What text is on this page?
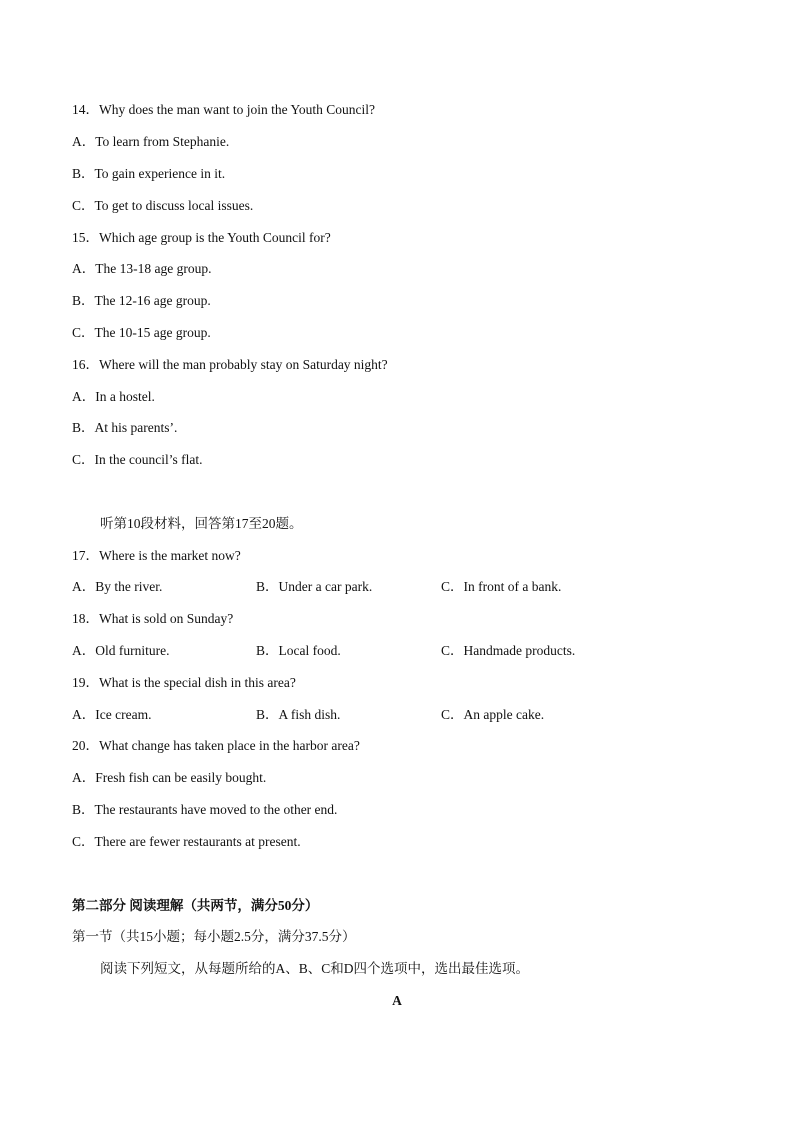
14．Why does the man want to join the Youth Council?
A．To learn from Stephanie.
B．To gain experience in it.
C．To get to discuss local issues.
15．Which age group is the Youth Council for?
A．The 13-18 age group.
B．The 12-16 age group.
C．The 10-15 age group.
16．Where will the man probably stay on Saturday night?
A．In a hostel.
B．At his parents’.
C．In the council’s flat.
听第10段材料，回答第17至20题。
17．Where is the market now?
A．By the river.	B．Under a car park.	C．In front of a bank.
18．What is sold on Sunday?
A．Old furniture.	B．Local food.	C．Handmade products.
19．What is the special dish in this area?
A．Ice cream.	B．A fish dish.	C．An apple cake.
20．What change has taken place in the harbor area?
A．Fresh fish can be easily bought.
B．The restaurants have moved to the other end.
C．There are fewer restaurants at present.
第二部分 阅读理解（共两节，满分50分）
第一节（共15小题；每小题2.5分，满分37.5分）
阅读下列短文，从每题所给的A、B、C和D四个选项中，选出最佳选项。
A
